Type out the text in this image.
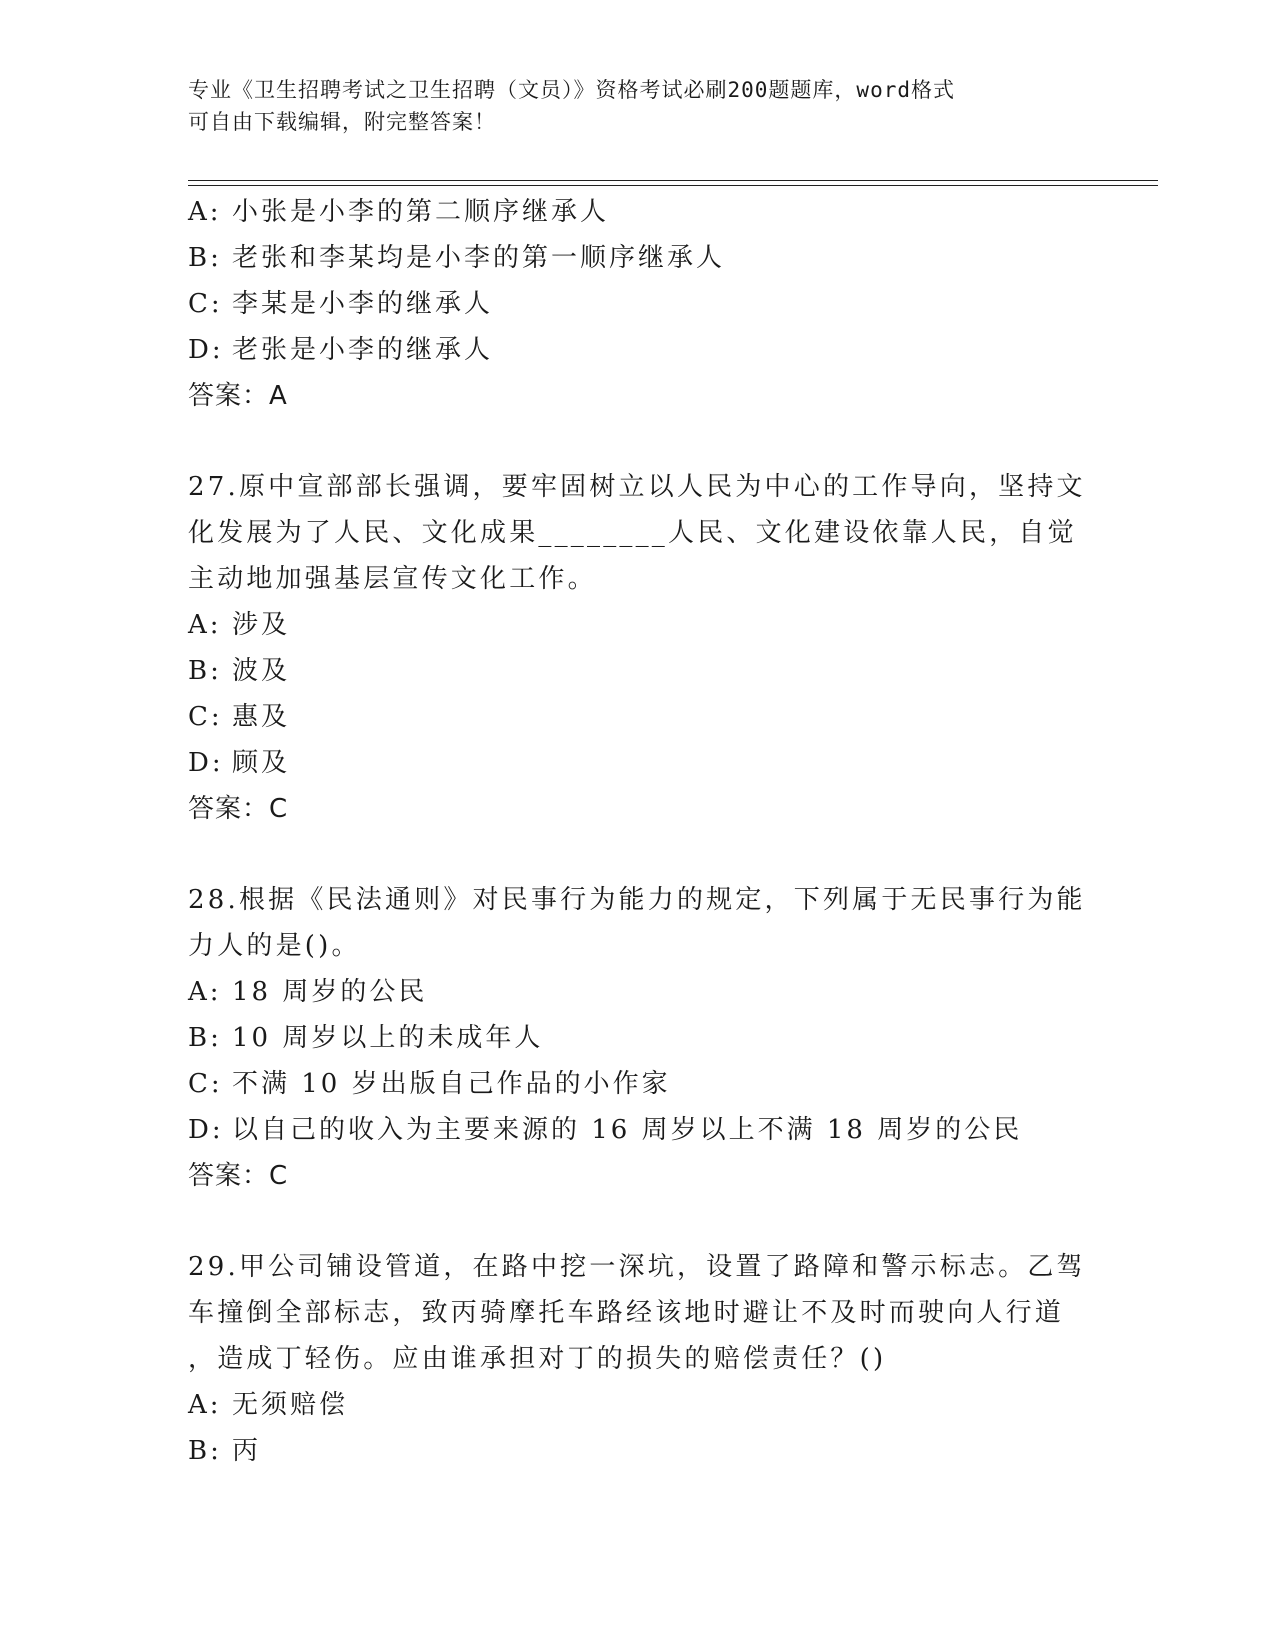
专业《卫生招聘考试之卫生招聘（文员）》资格考试必刷200题题库，word格式
可自由下载编辑，附完整答案！
A: 小张是小李的第二顺序继承人
B: 老张和李某均是小李的第一顺序继承人
C: 李某是小李的继承人
D: 老张是小李的继承人
答案：A
27.原中宣部部长强调，要牢固树立以人民为中心的工作导向，坚持文
化发展为了人民、文化成果________人民、文化建设依靠人民，自觉
主动地加强基层宣传文化工作。
A: 涉及
B: 波及
C: 惠及
D: 顾及
答案：C
28.根据《民法通则》对民事行为能力的规定，下列属于无民事行为能
力人的是()。
A: 18 周岁的公民
B: 10 周岁以上的未成年人
C: 不满 10 岁出版自己作品的小作家
D: 以自己的收入为主要来源的 16 周岁以上不满 18 周岁的公民
答案：C
29.甲公司铺设管道，在路中挖一深坑，设置了路障和警示标志。乙驾
车撞倒全部标志，致丙骑摩托车路经该地时避让不及时而驶向人行道
，造成丁轻伤。应由谁承担对丁的损失的赔偿责任？()
A: 无须赔偿
B: 丙
